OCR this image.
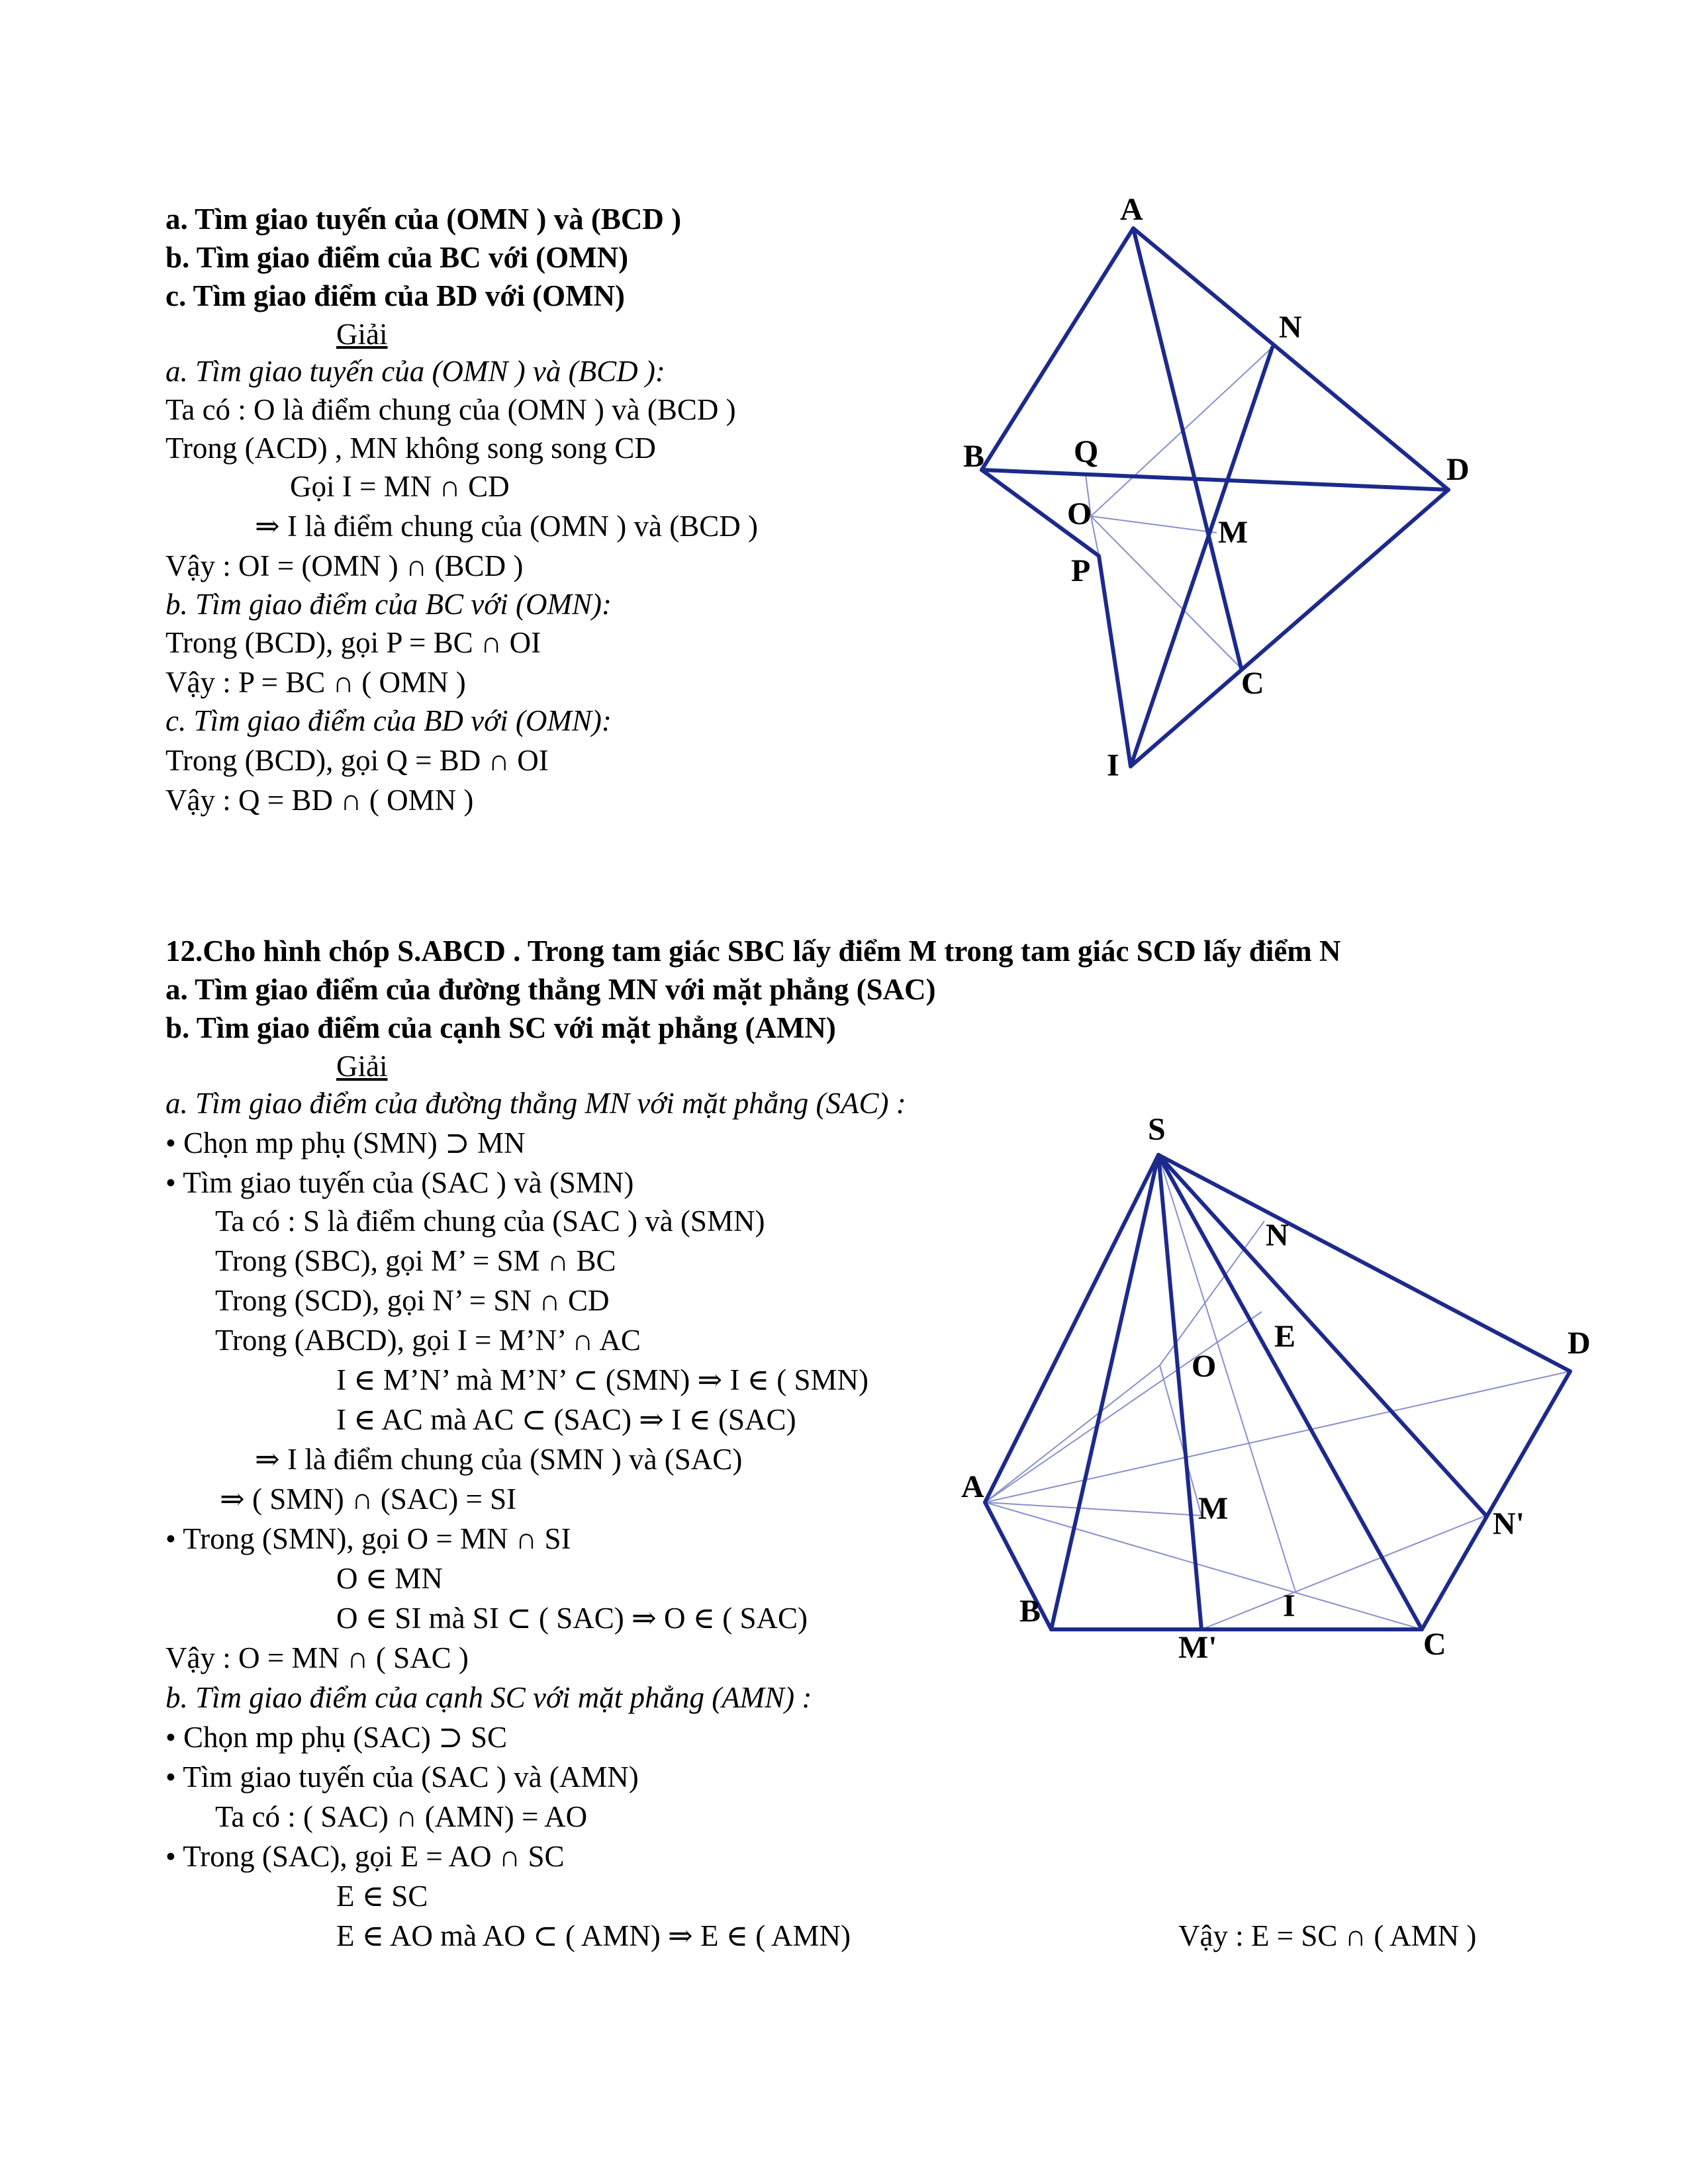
a. Tìm giao tuyến của (OMN ) và (BCD )
b. Tìm giao điểm của BC với (OMN)
c. Tìm giao điểm của BD với (OMN)
Giải
a. Tìm giao tuyến của (OMN ) và (BCD ):
Ta có : O là điểm chung của (OMN ) và (BCD )
Trong (ACD) , MN không song song CD
Gọi I = MN ∩ CD
⇒ I là điểm chung của (OMN ) và (BCD )
Vậy : OI = (OMN ) ∩ (BCD )
b. Tìm giao điểm của BC với (OMN):
Trong (BCD), gọi P = BC ∩ OI
Vậy : P = BC ∩ ( OMN )
c. Tìm giao điểm của BD với (OMN):
Trong (BCD), gọi Q = BD ∩ OI
Vậy : Q = BD ∩ ( OMN )
12.Cho hình chóp S.ABCD . Trong tam giác SBC lấy điểm M trong tam giác SCD lấy điểm N
a. Tìm giao điểm của đường thẳng MN với mặt phẳng (SAC)
b. Tìm giao điểm của cạnh SC với mặt phẳng (AMN)
Giải
a. Tìm giao điểm của đường thẳng MN với mặt phẳng (SAC) :
• Chọn mp phụ (SMN) ⊃ MN
• Tìm giao tuyến của (SAC ) và (SMN)
Ta có : S là điểm chung của (SAC ) và (SMN)
Trong (SBC), gọi M’ = SM ∩ BC
Trong (SCD), gọi N’ = SN ∩ CD
Trong (ABCD), gọi I = M’N’ ∩ AC
I ∈ M’N’ mà M’N’ ⊂ (SMN) ⇒ I ∈ ( SMN)
I ∈ AC mà AC ⊂ (SAC) ⇒ I ∈ (SAC)
⇒ I là điểm chung của (SMN ) và (SAC)
⇒ ( SMN) ∩ (SAC) = SI
• Trong (SMN), gọi O = MN ∩ SI
O ∈ MN
O ∈ SI mà SI ⊂ ( SAC) ⇒ O ∈ ( SAC)
Vậy : O = MN ∩ ( SAC )
b. Tìm giao điểm của cạnh SC với mặt phẳng (AMN) :
• Chọn mp phụ (SAC) ⊃ SC
• Tìm giao tuyến của (SAC ) và (AMN)
Ta có : ( SAC) ∩ (AMN) = AO
• Trong (SAC), gọi E = AO ∩ SC
E ∈ SC
E ∈ AO mà AO ⊂ ( AMN) ⇒ E ∈ ( AMN)	Vậy : E = SC ∩ ( AMN )
A
N
B	Q
D
O
M
P
C
I
S
N
E
O
D
A
M	N'
B	I
M'	C
